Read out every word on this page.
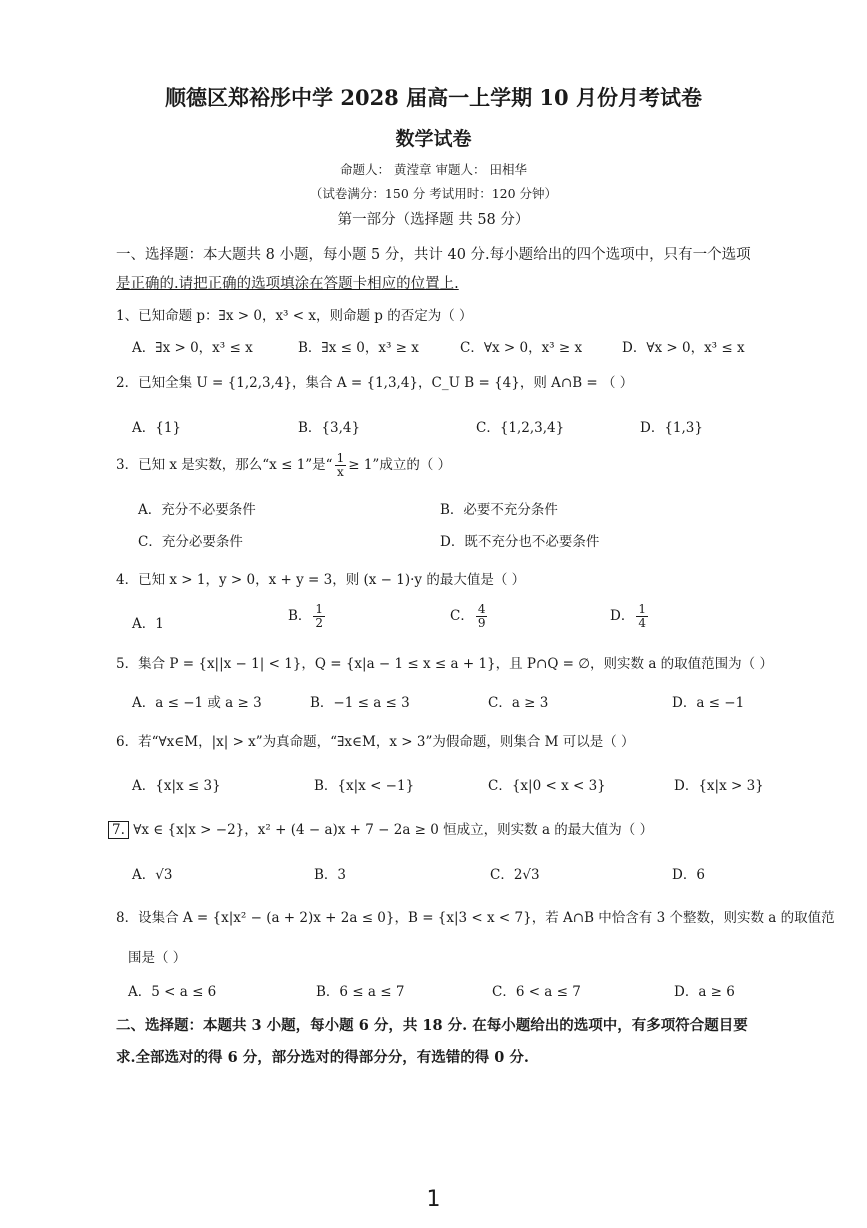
顺德区郑裕彤中学 2028 届高一上学期 10 月份月考试卷
数学试卷
命题人： 黄滢章 审题人： 田相华
（试卷满分：150 分 考试用时：120 分钟）
第一部分（选择题 共 58 分）
一、选择题：本大题共 8 小题，每小题 5 分，共计 40 分.每小题给出的四个选项中，只有一个选项
是正确的.请把正确的选项填涂在答题卡相应的位置上.
1、已知命题 p：∃x > 0，x³ < x，则命题 p 的否定为（ ）
A．∃x > 0，x³ ≤ x	B．∃x ≤ 0，x³ ≥ x	C．∀x > 0，x³ ≥ x	D．∀x > 0，x³ ≤ x
2．已知全集 U = {1,2,3,4}，集合 A = {1,3,4}，C_U B = {4}，则 A∩B = （ ）
A．{1}	B．{3,4}	C．{1,2,3,4}	D．{1,3}
3．已知 x 是实数，那么“x ≤ 1”是“ $\frac{1}{x} \ge 1$”成立的（ ）
A．充分不必要条件	B．必要不充分条件
C．充分必要条件	D．既不充分也不必要条件
4．已知 x > 1，y > 0，x + y = 3，则 (x − 1)·y 的最大值是（ ）
A．1	B． $\frac{1}{2}$	C． $\frac{4}{9}$	D． $\frac{1}{4}$
5．集合 P = {x||x − 1| < 1}，Q = {x|a − 1 ≤ x ≤ a + 1}，且 P∩Q = ∅，则实数 a 的取值范围为（ ）
A．a ≤ −1 或 a ≥ 3	B．−1 ≤ a ≤ 3	C．a ≥ 3	D．a ≤ −1
6．若“∀x∈M，|x| > x”为真命题，“∃x∈M，x > 3”为假命题，则集合 M 可以是（ ）
A．{x|x ≤ 3}	B．{x|x < −1}	C．{x|0 < x < 3}	D．{x|x > 3}
7. ∀x ∈ {x|x > −2}，x² + (4 − a)x + 7 − 2a ≥ 0 恒成立，则实数 a 的最大值为（ ）
A．√3	B．3	C．2√3	D．6
8．设集合 A = {x|x² − (a + 2)x + 2a ≤ 0}，B = {x|3 < x < 7}，若 A∩B 中恰含有 3 个整数，则实数 a 的取值范
围是（ ）
A．5 < a ≤ 6	B．6 ≤ a ≤ 7	C．6 < a ≤ 7	D．a ≥ 6
二、选择题：本题共 3 小题，每小题 6 分，共 18 分. 在每小题给出的选项中，有多项符合题目要
求.全部选对的得 6 分，部分选对的得部分分，有选错的得 0 分.
1
